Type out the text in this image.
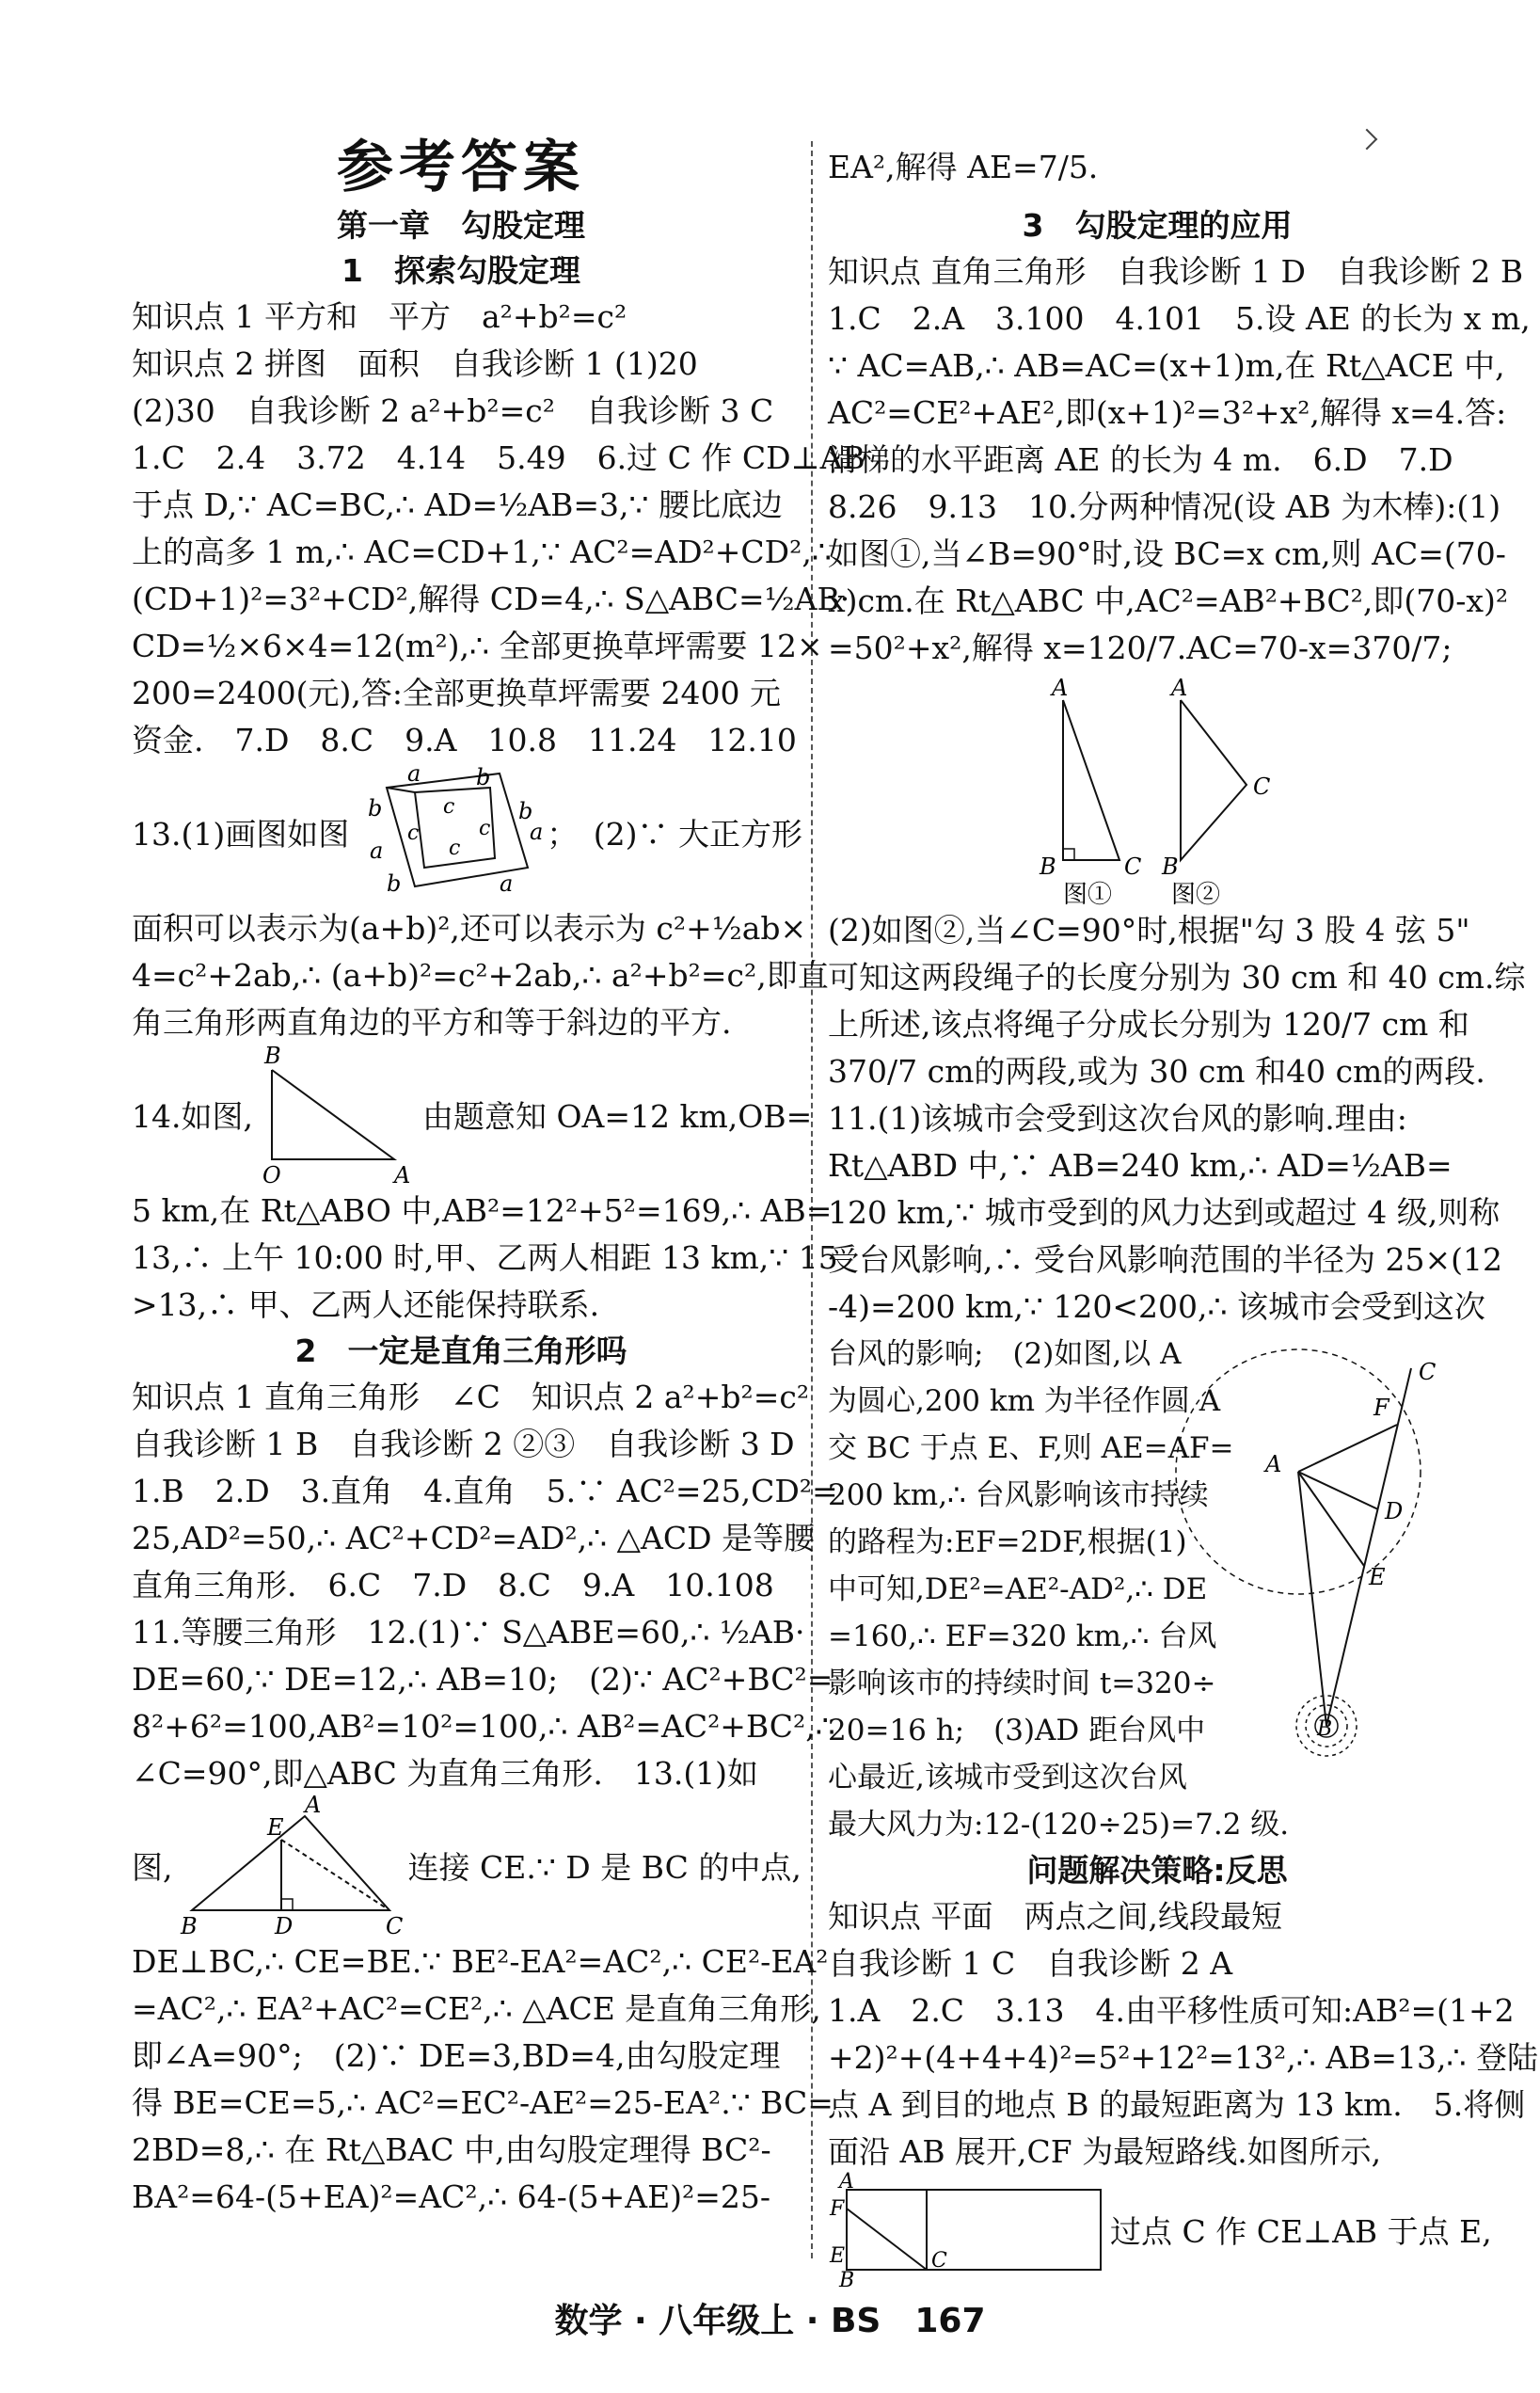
参考答案
第一章　勾股定理
1　探索勾股定理
知识点 1 平方和　平方　a²+b²=c²
知识点 2 拼图　面积　自我诊断 1 (1)20
(2)30　自我诊断 2 a²+b²=c²　自我诊断 3 C
1.C　2.4　3.72　4.14　5.49　6.过 C 作 CD⊥AB
于点 D,∵ AC=BC,∴ AD=½AB=3,∵ 腰比底边
上的高多 1 m,∴ AC=CD+1,∵ AC²=AD²+CD²,∴
(CD+1)²=3²+CD²,解得 CD=4,∴ S△ABC=½AB·
CD=½×6×4=12(m²),∴ 全部更换草坪需要 12×
200=2400(元),答:全部更换草坪需要 2400 元
资金.　7.D　8.C　9.A　10.8　11.24　12.10
13.(1)画图如图
a b
b	c
c	c
c
b
a
a
b	a
；　(2)∵ 大正方形
面积可以表示为(a+b)²,还可以表示为 c²+½ab×
4=c²+2ab,∴ (a+b)²=c²+2ab,∴ a²+b²=c²,即直
角三角形两直角边的平方和等于斜边的平方.
14.如图,
B
O	A
由题意知 OA=12 km,OB=
5 km,在 Rt△ABO 中,AB²=12²+5²=169,∴ AB=
13,∴ 上午 10:00 时,甲、乙两人相距 13 km,∵ 15
>13,∴ 甲、乙两人还能保持联系.
2　一定是直角三角形吗
知识点 1 直角三角形　∠C　知识点 2 a²+b²=c²
自我诊断 1 B　自我诊断 2 ②③　自我诊断 3 D
1.B　2.D　3.直角　4.直角　5.∵ AC²=25,CD²=
25,AD²=50,∴ AC²+CD²=AD²,∴ △ACD 是等腰
直角三角形.　6.C　7.D　8.C　9.A　10.108
11.等腰三角形　12.(1)∵ S△ABE=60,∴ ½AB·
DE=60,∵ DE=12,∴ AB=10;　(2)∵ AC²+BC²=
8²+6²=100,AB²=10²=100,∴ AB²=AC²+BC²,∴
∠C=90°,即△ABC 为直角三角形.　13.(1)如
图,
E
A
B	D	C
连接 CE.∵ D 是 BC 的中点,
DE⊥BC,∴ CE=BE.∵ BE²-EA²=AC²,∴ CE²-EA²
=AC²,∴ EA²+AC²=CE²,∴ △ACE 是直角三角形,
即∠A=90°;　(2)∵ DE=3,BD=4,由勾股定理
得 BE=CE=5,∴ AC²=EC²-AE²=25-EA².∵ BC=
2BD=8,∴ 在 Rt△BAC 中,由勾股定理得 BC²-
BA²=64-(5+EA)²=AC²,∴ 64-(5+AE)²=25-
EA²,解得 AE=7/5.
3　勾股定理的应用
知识点 直角三角形　自我诊断 1 D　自我诊断 2 B
1.C　2.A　3.100　4.101　5.设 AE 的长为 x m,
∵ AC=AB,∴ AB=AC=(x+1)m,在 Rt△ACE 中,
AC²=CE²+AE²,即(x+1)²=3²+x²,解得 x=4.答:
滑梯的水平距离 AE 的长为 4 m.　6.D　7.D
8.26　9.13　10.分两种情况(设 AB 为木棒):(1)
如图①,当∠B=90°时,设 BC=x cm,则 AC=(70-
x)cm.在 Rt△ABC 中,AC²=AB²+BC²,即(70-x)²
=50²+x²,解得 x=120/7.AC=70-x=370/7;
A
B	C
A
C
B
图① 图②
(2)如图②,当∠C=90°时,根据"勾 3 股 4 弦 5"
可知这两段绳子的长度分别为 30 cm 和 40 cm.综
上所述,该点将绳子分成长分别为 120/7 cm 和
370/7 cm的两段,或为 30 cm 和40 cm的两段.
11.(1)该城市会受到这次台风的影响.理由:
Rt△ABD 中,∵ AB=240 km,∴ AD=½AB=
120 km,∵ 城市受到的风力达到或超过 4 级,则称
受台风影响,∴ 受台风影响范围的半径为 25×(12
-4)=200 km,∵ 120<200,∴ 该城市会受到这次
台风的影响;　(2)如图,以 A
为圆心,200 km 为半径作圆 A
交 BC 于点 E、F,则 AE=AF=
200 km,∴ 台风影响该市持续
的路程为:EF=2DF,根据(1)
中可知,DE²=AE²-AD²,∴ DE
=160,∴ EF=320 km,∴ 台风
影响该市的持续时间 t=320÷
20=16 h;　(3)AD 距台风中
心最近,该城市受到这次台风
最大风力为:12-(120÷25)=7.2 级.
A
F
C
D
E
B
问题解决策略:反思
知识点 平面　两点之间,线段最短
自我诊断 1 C　自我诊断 2 A
1.A　2.C　3.13　4.由平移性质可知:AB²=(1+2
+2)²+(4+4+4)²=5²+12²=13²,∴ AB=13,∴ 登陆
点 A 到目的地点 B 的最短距离为 13 km.　5.将侧
面沿 AB 展开,CF 为最短路线.如图所示,
A
F
E	C
B
过点 C 作 CE⊥AB 于点 E,
数学 · 八年级上 · BS　167
